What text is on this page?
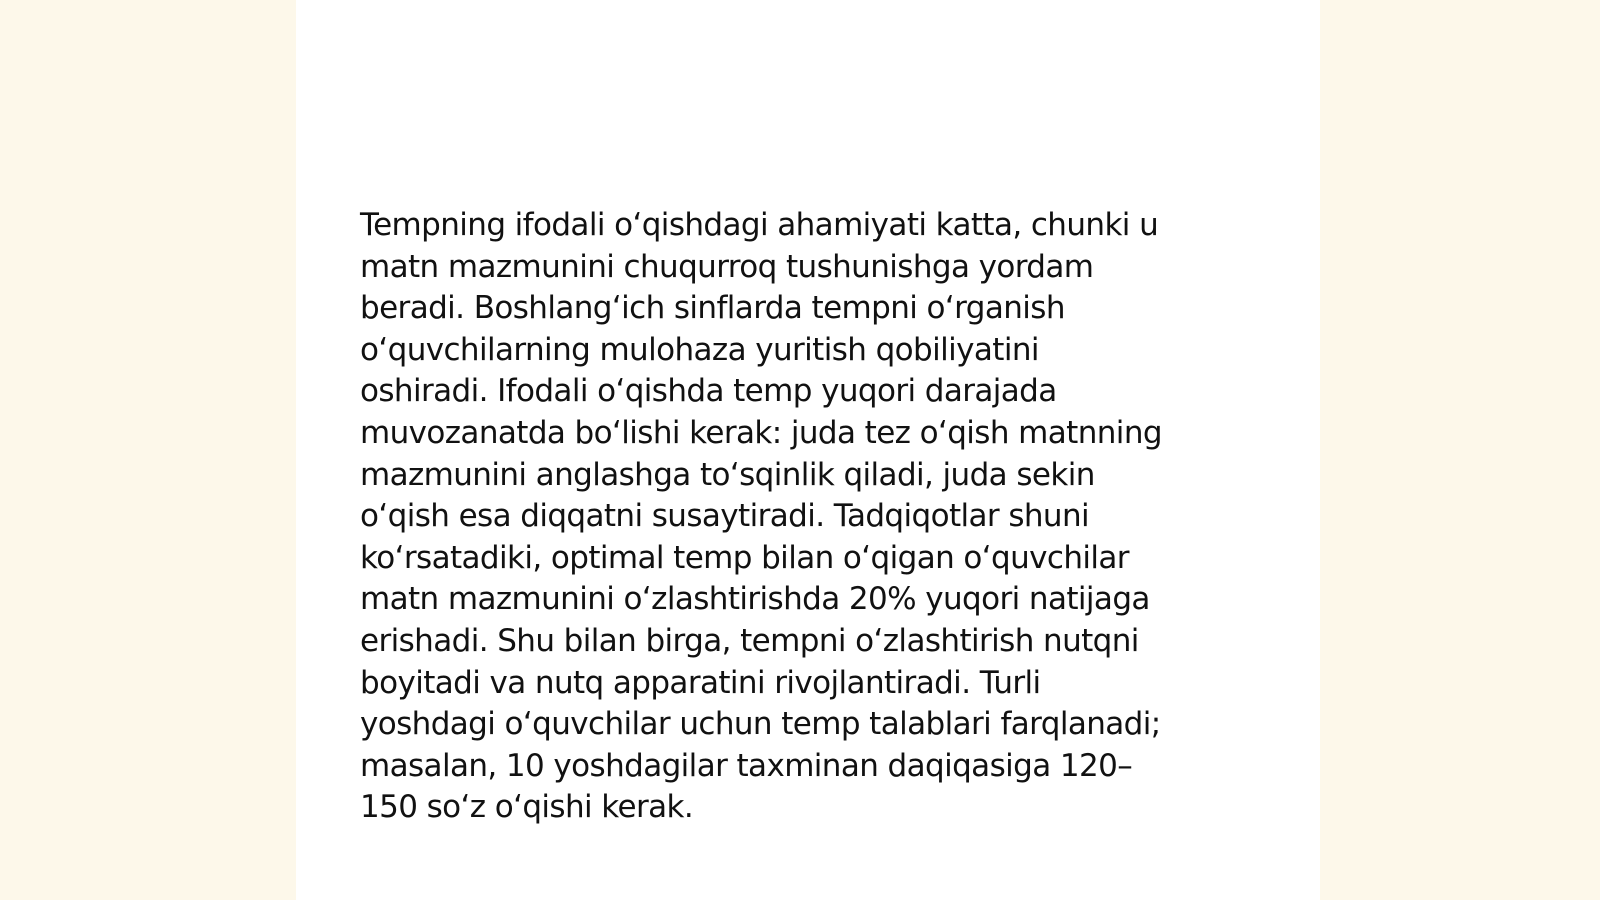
Tempning ifodali o‘qishdagi ahamiyati katta, chunki u
matn mazmunini chuqurroq tushunishga yordam
beradi. Boshlang‘ich sinflarda tempni o‘rganish
o‘quvchilarning mulohaza yuritish qobiliyatini
oshiradi. Ifodali o‘qishda temp yuqori darajada
muvozanatda bo‘lishi kerak: juda tez o‘qish matnning
mazmunini anglashga to‘sqinlik qiladi, juda sekin
o‘qish esa diqqatni susaytiradi. Tadqiqotlar shuni
ko‘rsatadiki, optimal temp bilan o‘qigan o‘quvchilar
matn mazmunini o‘zlashtirishda 20% yuqori natijaga
erishadi. Shu bilan birga, tempni o‘zlashtirish nutqni
boyitadi va nutq apparatini rivojlantiradi. Turli
yoshdagi o‘quvchilar uchun temp talablari farqlanadi;
masalan, 10 yoshdagilar taxminan daqiqasiga 120–
150 so‘z o‘qishi kerak.
